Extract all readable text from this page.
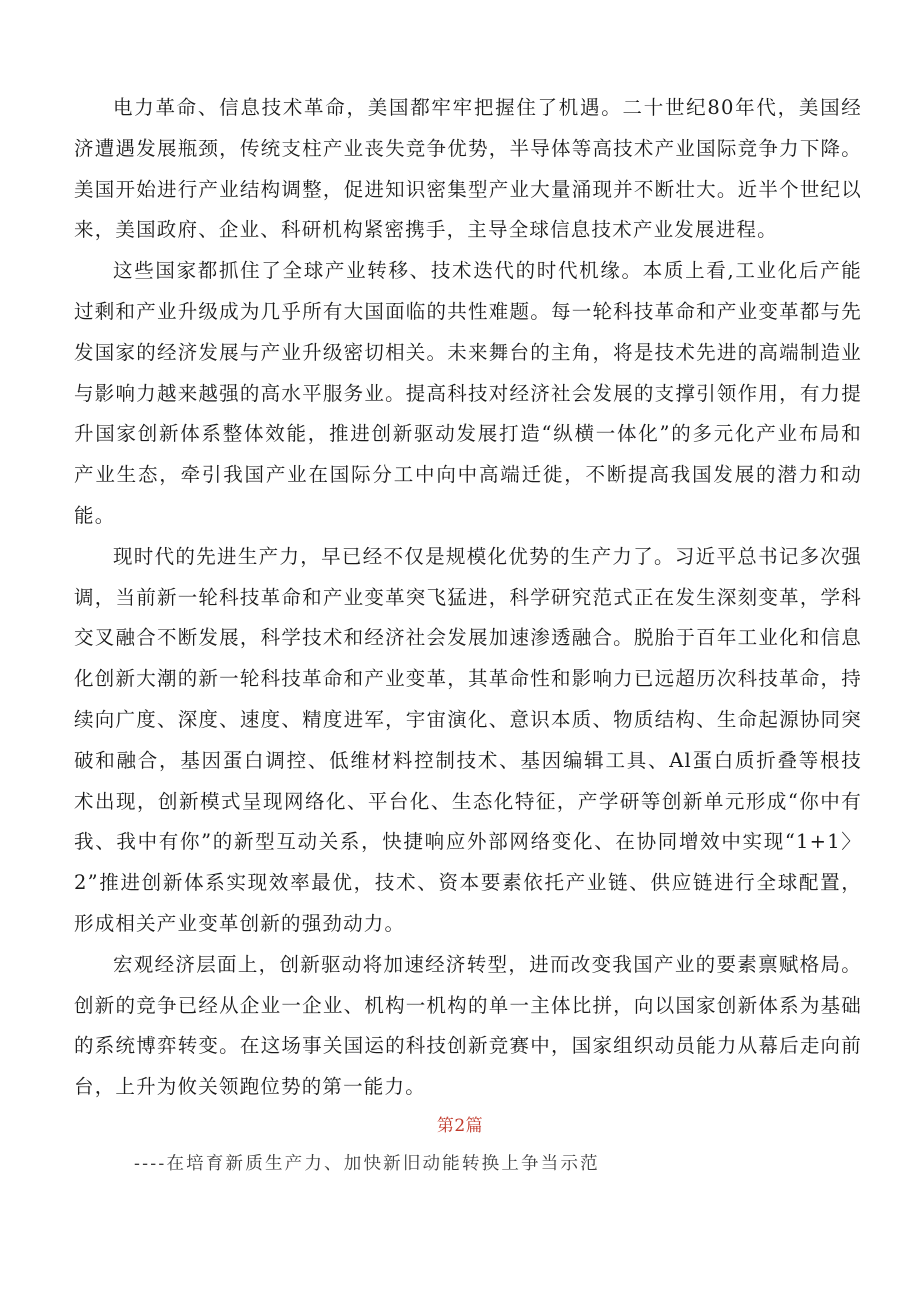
电力革命、信息技术革命，美国都牢牢把握住了机遇。二十世纪80年代，美国经济遭遇发展瓶颈，传统支柱产业丧失竞争优势，半导体等高技术产业国际竞争力下降。美国开始进行产业结构调整，促进知识密集型产业大量涌现并不断壮大。近半个世纪以来，美国政府、企业、科研机构紧密携手，主导全球信息技术产业发展进程。

这些国家都抓住了全球产业转移、技术迭代的时代机缘。本质上看,工业化后产能过剩和产业升级成为几乎所有大国面临的共性难题。每一轮科技革命和产业变革都与先发国家的经济发展与产业升级密切相关。未来舞台的主角，将是技术先进的高端制造业与影响力越来越强的高水平服务业。提高科技对经济社会发展的支撑引领作用，有力提升国家创新体系整体效能，推进创新驱动发展打造“纵横一体化”的多元化产业布局和产业生态，牵引我国产业在国际分工中向中高端迁徙，不断提高我国发展的潜力和动能。

现时代的先进生产力，早已经不仅是规模化优势的生产力了。习近平总书记多次强调，当前新一轮科技革命和产业变革突飞猛进，科学研究范式正在发生深刻变革，学科交叉融合不断发展，科学技术和经济社会发展加速渗透融合。脱胎于百年工业化和信息化创新大潮的新一轮科技革命和产业变革，其革命性和影响力已远超历次科技革命，持续向广度、深度、速度、精度进军，宇宙演化、意识本质、物质结构、生命起源协同突破和融合，基因蛋白调控、低维材料控制技术、基因编辑工具、Al蛋白质折叠等根技术出现，创新模式呈现网络化、平台化、生态化特征，产学研等创新单元形成“你中有我、我中有你”的新型互动关系，快捷响应外部网络变化、在协同增效中实现“1+1〉2”推进创新体系实现效率最优，技术、资本要素依托产业链、供应链进行全球配置，形成相关产业变革创新的强劲动力。

宏观经济层面上，创新驱动将加速经济转型，进而改变我国产业的要素禀赋格局。创新的竞争已经从企业一企业、机构一机构的单一主体比拼，向以国家创新体系为基础的系统博弈转变。在这场事关国运的科技创新竞赛中，国家组织动员能力从幕后走向前台，上升为攸关领跑位势的第一能力。

第2篇
----在培育新质生产力、加快新旧动能转换上争当示范
